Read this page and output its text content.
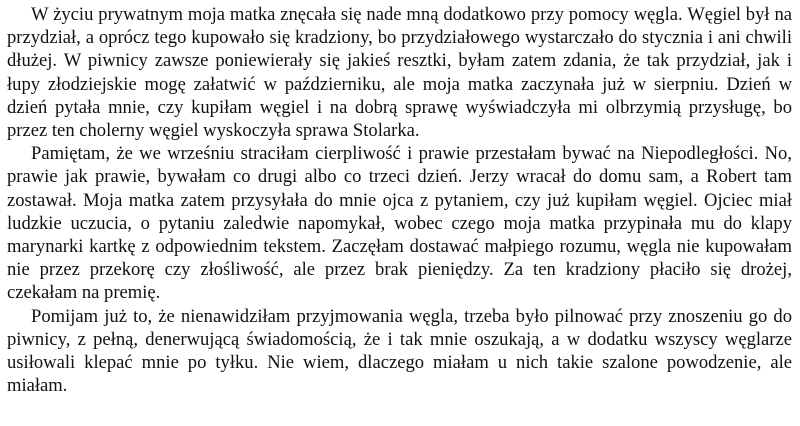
W życiu prywatnym moja matka znęcała się nade mną dodatkowo przy pomocy węgla. Węgiel był na przydział, a oprócz tego kupowało się kradziony, bo przydziałowego wystarczało do stycznia i ani chwili dłużej. W piwnicy zawsze poniewierały się jakieś resztki, byłam zatem zdania, że tak przydział, jak i łupy złodziejskie mogę załatwić w październiku, ale moja matka zaczynała już w sierpniu. Dzień w dzień pytała mnie, czy kupiłam węgiel i na dobrą sprawę wyświadczyła mi olbrzymią przysługę, bo przez ten cholerny węgiel wyskoczyła sprawa Stolarka.

Pamiętam, że we wrześniu straciłam cierpliwość i prawie przestałam bywać na Niepodległości. No, prawie jak prawie, bywałam co drugi albo co trzeci dzień. Jerzy wracał do domu sam, a Robert tam zostawał. Moja matka zatem przysyłała do mnie ojca z pytaniem, czy już kupiłam węgiel. Ojciec miał ludzkie uczucia, o pytaniu zaledwie napomykał, wobec czego moja matka przypinała mu do klapy marynarki kartkę z odpowiednim tekstem. Zaczęłam dostawać małpiego rozumu, węgla nie kupowałam nie przez przekorę czy złośliwość, ale przez brak pieniędzy. Za ten kradziony płaciło się drożej, czekałam na premię.

Pomijam już to, że nienawidziłam przyjmowania węgla, trzeba było pilnować przy znoszeniu go do piwnicy, z pełną, denerwującą świadomością, że i tak mnie oszukają, a w dodatku wszyscy węglarze usiłowali klepać mnie po tyłku. Nie wiem, dlaczego miałam u nich takie szalone powodzenie, ale miałam.
